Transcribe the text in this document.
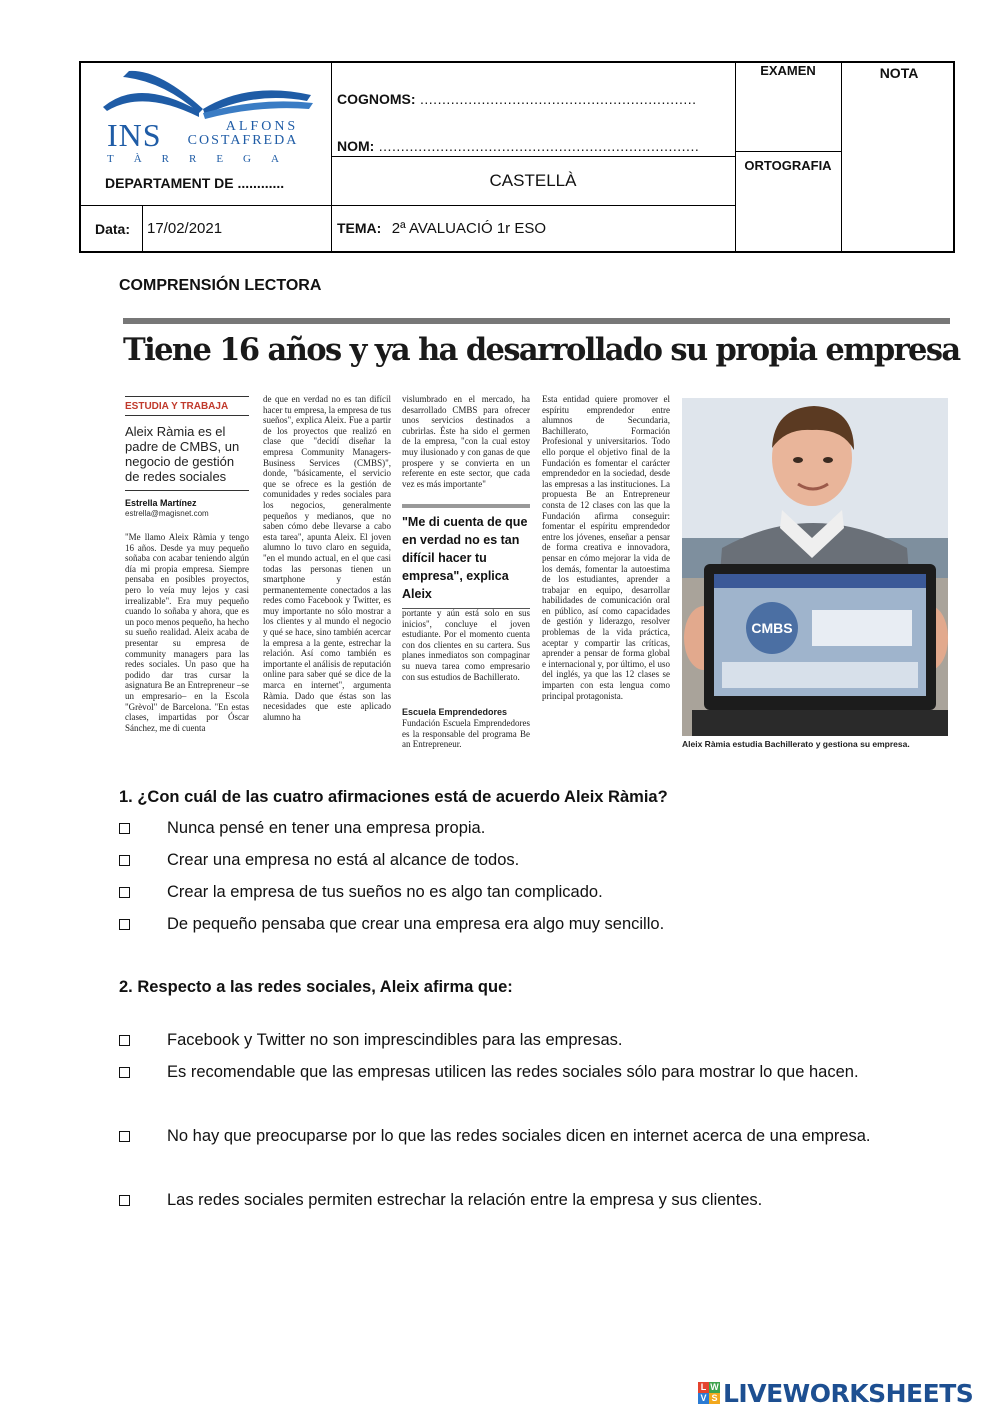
INS	ALFONS
COSTAFREDA
TÀRREGA
DEPARTAMENT DE ............
COGNOMS: ...............................................................
NOM: .........................................................................
CASTELLÀ
EXAMEN	NOTA
ORTOGRAFIA
Data: 17/02/2021	TEMA: 2ª AVALUACIÓ 1r ESO
COMPRENSIÓN LECTORA
Tiene 16 años y ya ha desarrollado su propia empresa
ESTUDIA Y TRABAJA
Aleix Ràmia es el padre de CMBS, un negocio de gestión de redes sociales
Estrella Martínez
estrella@magisnet.com
"Me llamo Aleix Ràmia y tengo 16 años. Desde ya muy pequeño soñaba con acabar teniendo algún día mi propia empresa. Siempre pensaba en posibles proyectos, pero lo veía muy lejos y casi irrealizable". Era muy pequeño cuando lo soñaba y ahora, que es un poco menos pequeño, ha hecho su sueño realidad. Aleix acaba de presentar su empresa de community managers para las redes sociales. Un paso que ha podido dar tras cursar la asignatura Be an Entrepreneur –se un empresario– en la Escola "Grèvol" de Barcelona. "En estas clases, impartidas por Óscar Sánchez, me di cuenta
de que en verdad no es tan difícil hacer tu empresa, la empresa de tus sueños", explica Aleix. Fue a partir de los proyectos que realizó en clase que "decidí diseñar la empresa Community Managers-Business Services (CMBS)", donde, "básicamente, el servicio que se ofrece es la gestión de comunidades y redes sociales para los negocios, generalmente pequeños y medianos, que no saben cómo debe llevarse a cabo esta tarea", apunta Aleix. El joven alumno lo tuvo claro en seguida, "en el mundo actual, en el que casi todas las personas tienen un smartphone y están permanentemente conectados a las redes como Facebook y Twitter, es muy importante no sólo mostrar a los clientes y al mundo el negocio y qué se hace, sino también acercar la empresa a la gente, estrechar la relación. Así como también es importante el análisis de reputación online para saber qué se dice de la marca en internet", argumenta Ràmia. Dado que éstas son las necesidades que este aplicado alumno ha
vislumbrado en el mercado, ha desarrollado CMBS para ofrecer unos servicios destinados a cubrirlas. Éste ha sido el germen de la empresa, "con la cual estoy muy ilusionado y con ganas de que prospere y se convierta en un referente en este sector, que cada vez es más importante"
"Me di cuenta de que en verdad no es tan difícil hacer tu empresa", explica Aleix
portante y aún está solo en sus inicios", concluye el joven estudiante. Por el momento cuenta con dos clientes en su cartera. Sus planes inmediatos son compaginar su nueva tarea como empresario con sus estudios de Bachillerato.
Escuela Emprendedores
Fundación Escuela Emprendedores es la responsable del programa Be an Entrepreneur.
Esta entidad quiere promover el espíritu emprendedor entre alumnos de Secundaria, Bachillerato, Formación Profesional y universitarios. Todo ello porque el objetivo final de la Fundación es fomentar el carácter emprendedor en la sociedad, desde las empresas a las instituciones. La propuesta Be an Entrepreneur consta de 12 clases con las que la Fundación afirma conseguir: fomentar el espíritu emprendedor entre los jóvenes, enseñar a pensar de forma creativa e innovadora, pensar en cómo mejorar la vida de los demás, fomentar la autoestima de los estudiantes, aprender a trabajar en equipo, desarrollar habilidades de comunicación oral en público, así como capacidades de gestión y liderazgo, resolver problemas de la vida práctica, aceptar y compartir las críticas, aprender a pensar de forma global e internacional y, por último, el uso del inglés, ya que las 12 clases se imparten con esta lengua como principal protagonista.
CMBS
Aleix Ràmia estudia Bachillerato y gestiona su empresa.
1. ¿Con cuál de las cuatro afirmaciones está de acuerdo Aleix Ràmia?
Nunca pensé en tener una empresa propia.
Crear una empresa no está al alcance de todos.
Crear la empresa de tus sueños no es algo tan complicado.
De pequeño pensaba que crear una empresa era algo muy sencillo.
2. Respecto a las redes sociales, Aleix afirma que:
Facebook y Twitter no son imprescindibles para las empresas.
Es recomendable que las empresas utilicen las redes sociales sólo para mostrar lo que hacen.
No hay que preocuparse por lo que las redes sociales dicen en internet acerca de una empresa.
Las redes sociales permiten estrechar la relación entre la empresa y sus clientes.
L W
V S LIVEWORKSHEETS
